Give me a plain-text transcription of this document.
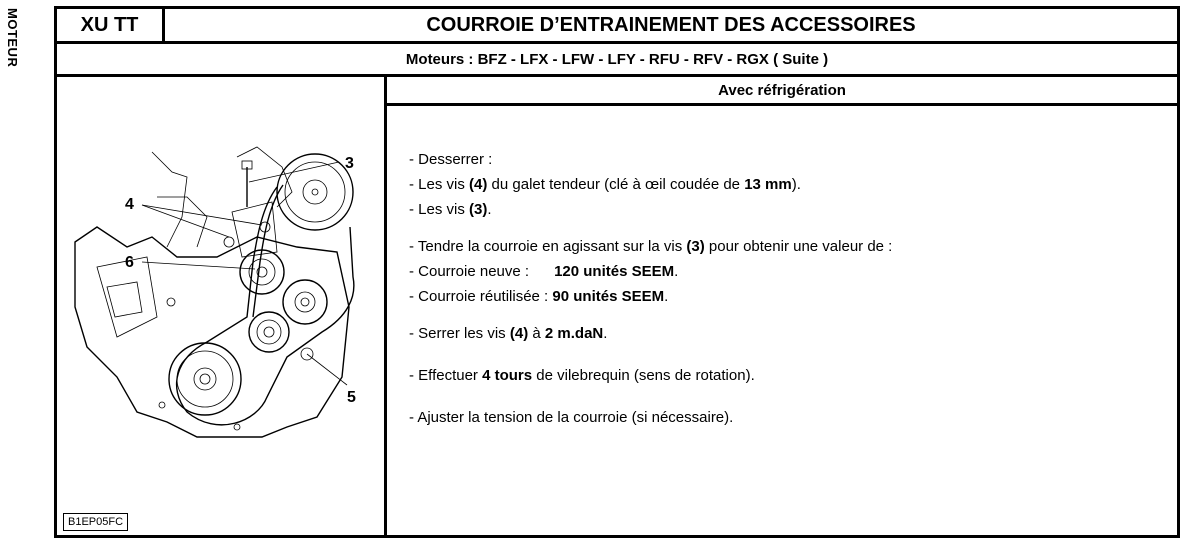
MOTEUR	XU TT	COURROIE D’ENTRAINEMENT DES ACCESSOIRES
Moteurs : BFZ - LFX - LFW - LFY - RFU - RFV - RGX ( Suite )
3
4
6
5
B1EP05FC
Avec réfrigération
- Desserrer :
- Les vis (4) du galet tendeur (clé à œil coudée de 13 mm).
- Les vis (3).
- Tendre la courroie en agissant sur la vis (3) pour obtenir une valeur de :
- Courroie neuve :      120 unités SEEM.
- Courroie réutilisée : 90 unités SEEM.
- Serrer les vis (4) à 2 m.daN.
- Effectuer 4 tours de vilebrequin (sens de rotation).
- Ajuster la tension de la courroie (si nécessaire).
